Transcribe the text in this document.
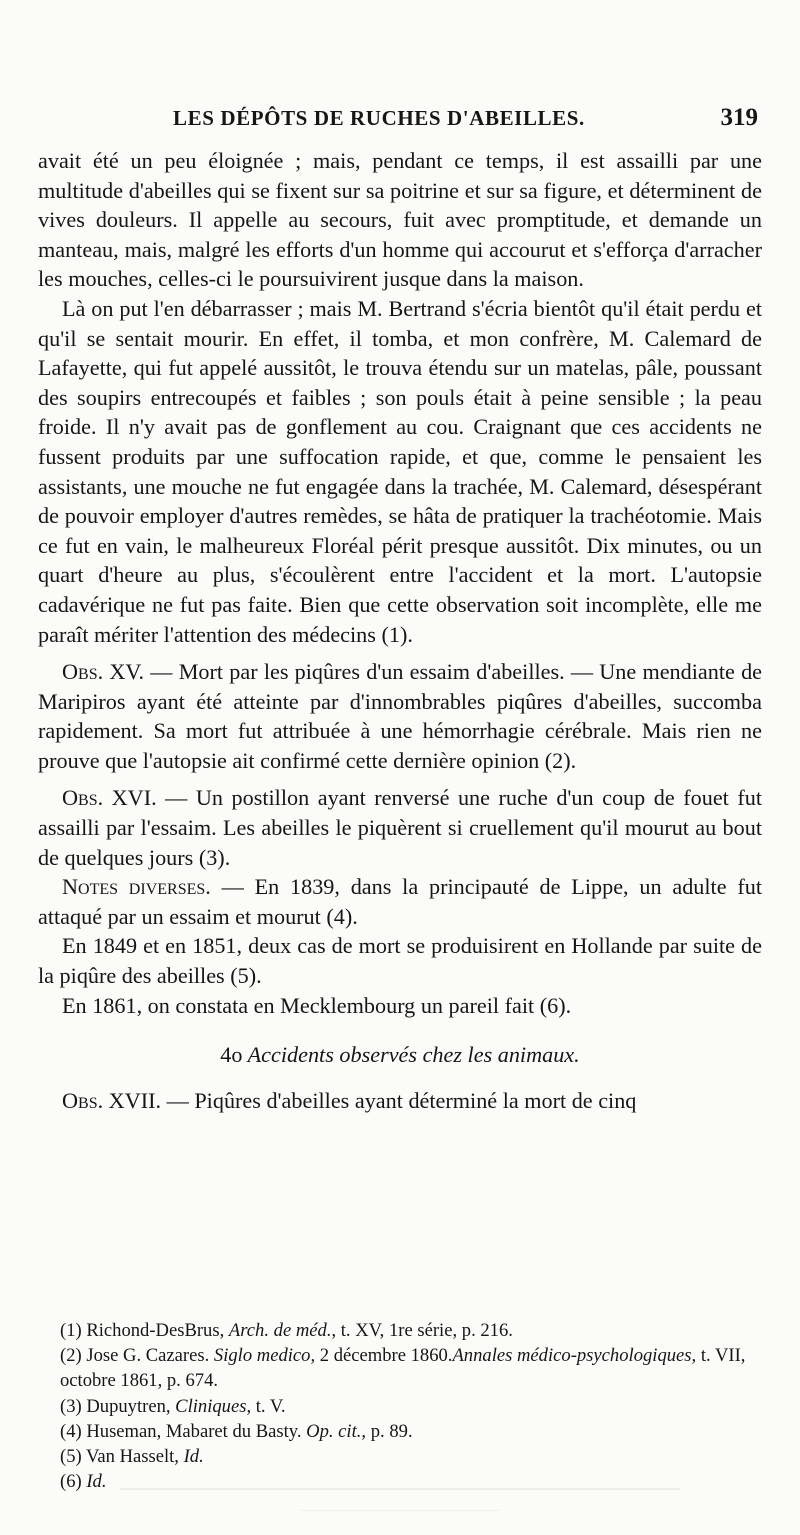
LES DÉPÔTS DE RUCHES D'ABEILLES.	319

avait été un peu éloignée ; mais, pendant ce temps, il est assailli par une multitude d'abeilles qui se fixent sur sa poitrine et sur sa figure, et déterminent de vives douleurs. Il appelle au secours, fuit avec promptitude, et demande un manteau, mais, malgré les efforts d'un homme qui accourut et s'efforça d'arracher les mouches, celles-ci le poursuivirent jusque dans la maison.

Là on put l'en débarrasser ; mais M. Bertrand s'écria bientôt qu'il était perdu et qu'il se sentait mourir. En effet, il tomba, et mon confrère, M. Calemard de Lafayette, qui fut appelé aussitôt, le trouva étendu sur un matelas, pâle, poussant des soupirs entrecoupés et faibles ; son pouls était à peine sensible ; la peau froide. Il n'y avait pas de gonflement au cou. Craignant que ces accidents ne fussent produits par une suffocation rapide, et que, comme le pensaient les assistants, une mouche ne fut engagée dans la trachée, M. Calemard, désespérant de pouvoir employer d'autres remèdes, se hâta de pratiquer la trachéotomie. Mais ce fut en vain, le malheureux Floréal périt presque aussitôt. Dix minutes, ou un quart d'heure au plus, s'écoulèrent entre l'accident et la mort. L'autopsie cadavérique ne fut pas faite. Bien que cette observation soit incomplète, elle me paraît mériter l'attention des médecins (1).

Obs. XV. — Mort par les piqûres d'un essaim d'abeilles. — Une mendiante de Maripiros ayant été atteinte par d'innombrables piqûres d'abeilles, succomba rapidement. Sa mort fut attribuée à une hémorrhagie cérébrale. Mais rien ne prouve que l'autopsie ait confirmé cette dernière opinion (2).

Obs. XVI. — Un postillon ayant renversé une ruche d'un coup de fouet fut assailli par l'essaim. Les abeilles le piquèrent si cruellement qu'il mourut au bout de quelques jours (3).

Notes diverses. — En 1839, dans la principauté de Lippe, un adulte fut attaqué par un essaim et mourut (4).

En 1849 et en 1851, deux cas de mort se produisirent en Hollande par suite de la piqûre des abeilles (5).

En 1861, on constata en Mecklembourg un pareil fait (6).

4o Accidents observés chez les animaux.

Obs. XVII. — Piqûres d'abeilles ayant déterminé la mort de cinq

(1) Richond-DesBrus, Arch. de méd., t. XV, 1re série, p. 216.

(2) Jose G. Cazares. Siglo medico, 2 décembre 1860.Annales médico-psychologiques, t. VII, octobre 1861, p. 674.

(3) Dupuytren, Cliniques, t. V.

(4) Huseman, Mabaret du Basty. Op. cit., p. 89.

(5) Van Hasselt, Id.

(6) Id.
